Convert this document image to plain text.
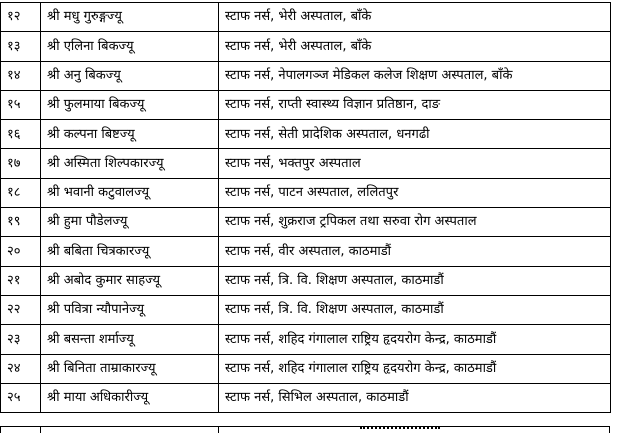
१२	श्री मधु गुरुङ्गज्यू	स्टाफ नर्स, भेरी अस्पताल, बाँके
१३	श्री एलिना बिकज्यू	स्टाफ नर्स, भेरी अस्पताल, बाँके
१४	श्री अनु बिकज्यू	स्टाफ नर्स, नेपालगञ्ज मेडिकल कलेज शिक्षण अस्पताल, बाँके
१५	श्री फुलमाया बिकज्यू	स्टाफ नर्स, राप्ती स्वास्थ्य विज्ञान प्रतिष्ठान, दाङ
१६	श्री कल्पना बिष्टज्यू	स्टाफ नर्स, सेती प्रादेशिक अस्पताल, धनगढी
१७	श्री अस्मिता शिल्पकारज्यू	स्टाफ नर्स, भक्तपुर अस्पताल
१८	श्री भवानी कटुवालज्यू	स्टाफ नर्स, पाटन अस्पताल, ललितपुर
१९	श्री हुमा पौडेलज्यू	स्टाफ नर्स, शुक्रराज ट्रपिकल तथा सरुवा रोग अस्पताल
२०	श्री बबिता चित्रकारज्यू	स्टाफ नर्स, वीर अस्पताल, काठमाडौं
२१	श्री अबोद कुमार साहज्यू	स्टाफ नर्स, त्रि. वि. शिक्षण अस्पताल, काठमाडौं
२२	श्री पवित्रा न्यौपानेज्यू	स्टाफ नर्स, त्रि. वि. शिक्षण अस्पताल, काठमाडौं
२३	श्री बसन्ता शर्माज्यू	स्टाफ नर्स, शहिद गंगालाल राष्ट्रिय हृदयरोग केन्द्र, काठमाडौं
२४	श्री बिनिता ताम्राकारज्यू	स्टाफ नर्स, शहिद गंगालाल राष्ट्रिय हृदयरोग केन्द्र, काठमाडौं
२५	श्री माया अधिकारीज्यू	स्टाफ नर्स, सिभिल अस्पताल, काठमाडौं
